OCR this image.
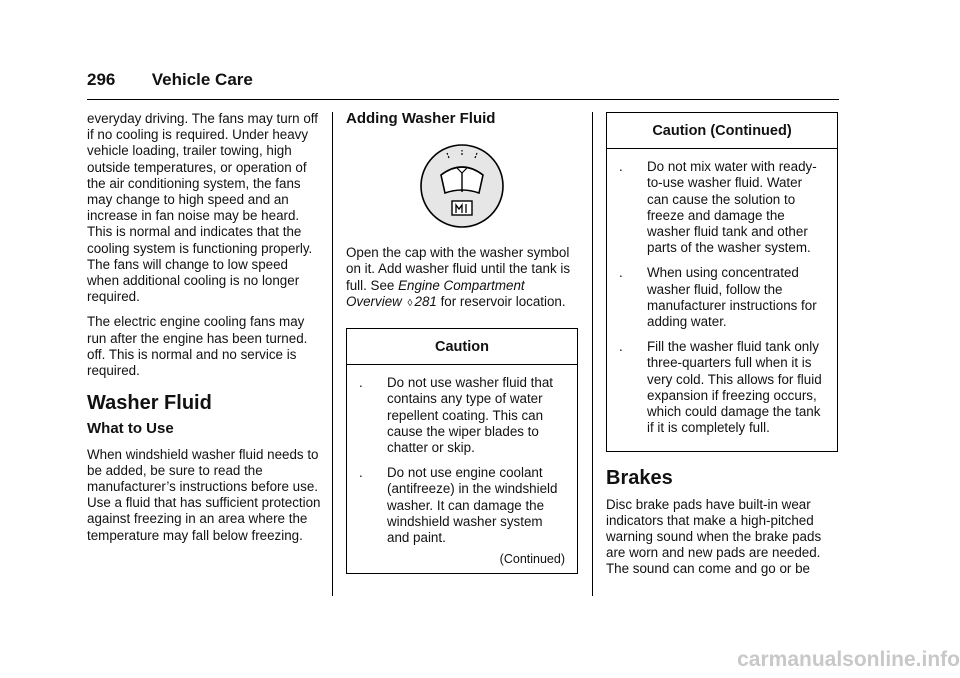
296 Vehicle Care

everyday driving. The fans may turn off if no cooling is required. Under heavy vehicle loading, trailer towing, high outside temperatures, or operation of the air conditioning system, the fans may change to high speed and an increase in fan noise may be heard. This is normal and indicates that the cooling system is functioning properly. The fans will change to low speed when additional cooling is no longer required.

The electric engine cooling fans may run after the engine has been turned. off. This is normal and no service is required.

Washer Fluid
What to Use

When windshield washer fluid needs to be added, be sure to read the manufacturer’s instructions before use. Use a fluid that has sufficient protection against freezing in an area where the temperature may fall below freezing.

Adding Washer Fluid

Open the cap with the washer symbol on it. Add washer fluid until the tank is full. See Engine Compartment Overview ◊ 281 for reservoir location.

Caution
. Do not use washer fluid that contains any type of water repellent coating. This can cause the wiper blades to chatter or skip.
. Do not use engine coolant (antifreeze) in the windshield washer. It can damage the windshield washer system and paint.
(Continued)
Caution (Continued)
. Do not mix water with ready-to-use washer fluid. Water can cause the solution to freeze and damage the washer fluid tank and other parts of the washer system.
. When using concentrated washer fluid, follow the manufacturer instructions for adding water.
. Fill the washer fluid tank only three-quarters full when it is very cold. This allows for fluid expansion if freezing occurs, which could damage the tank if it is completely full.
Brakes

Disc brake pads have built-in wear indicators that make a high-pitched warning sound when the brake pads are worn and new pads are needed. The sound can come and go or be

carmanualsonline.info
